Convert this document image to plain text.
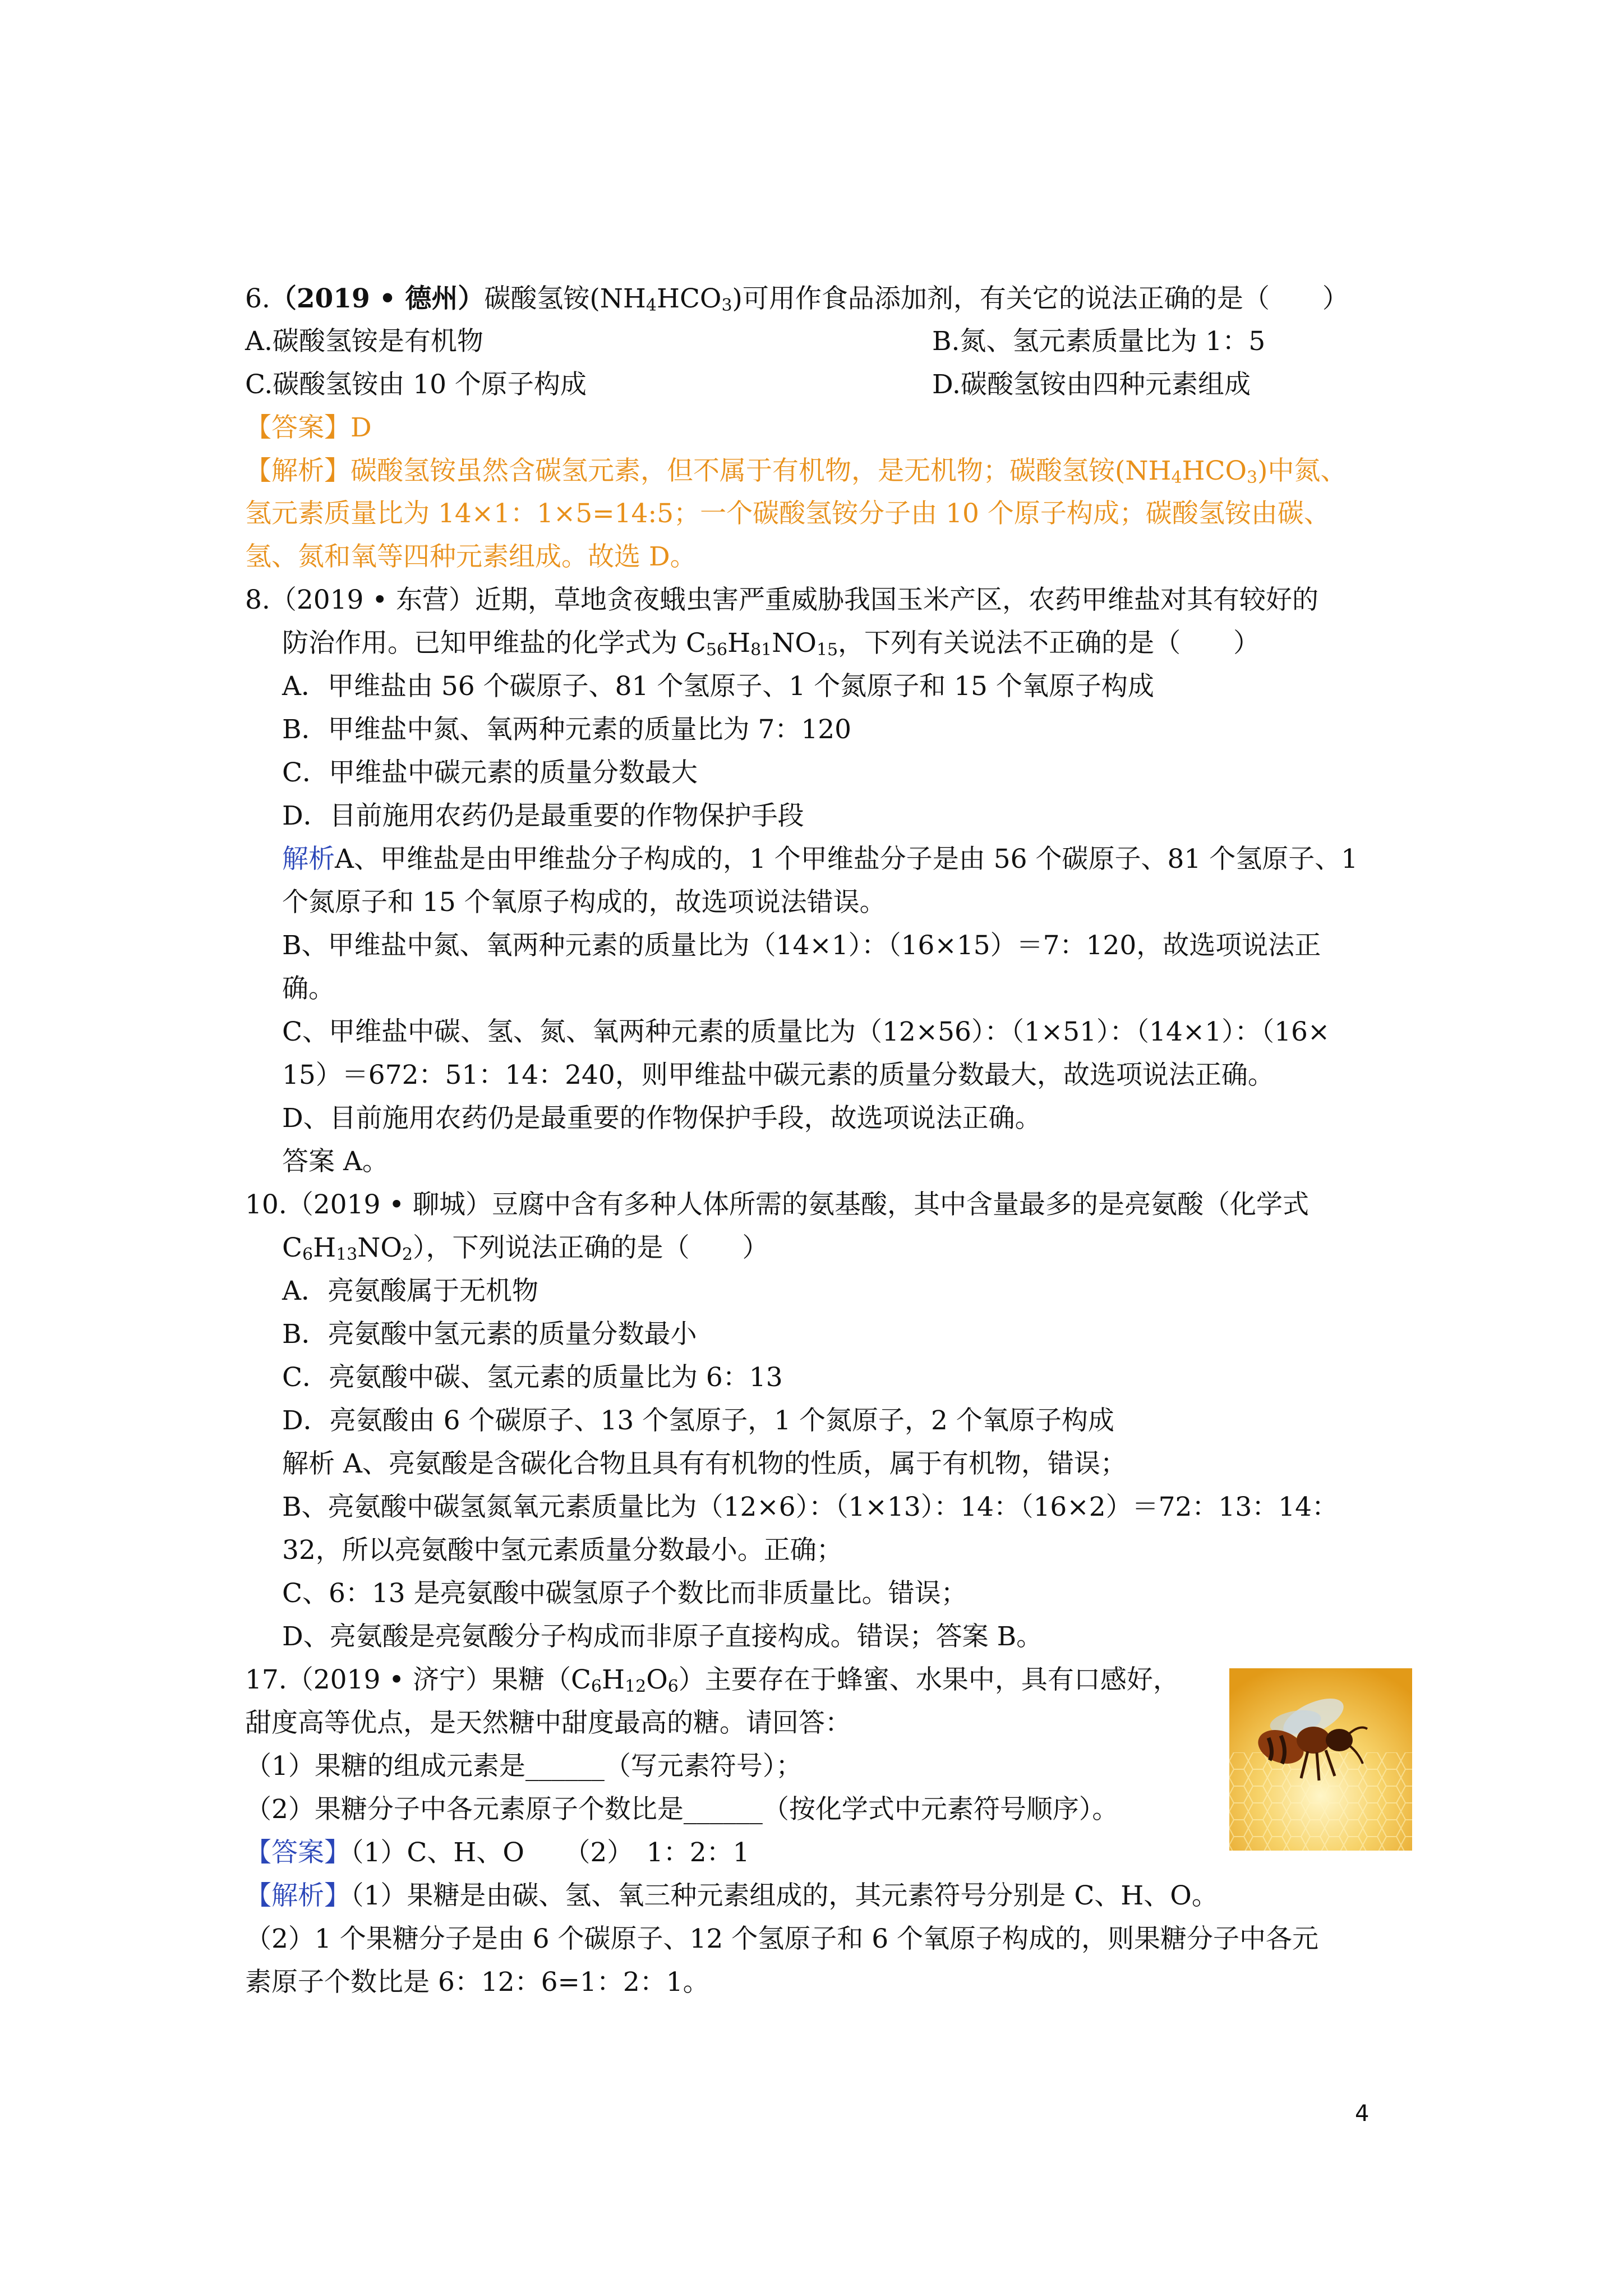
6.（2019 • 德州）碳酸氢铵$(NH_4HCO_3)$可用作食品添加剂，有关它的说法正确的是（　　）
A.碳酸氢铵是有机物	B.氮、氢元素质量比为 1：5
C.碳酸氢铵由 10 个原子构成	D.碳酸氢铵由四种元素组成
【答案】D
【解析】碳酸氢铵虽然含碳氢元素，但不属于有机物，是无机物；碳酸氢铵$(NH_4HCO_3)$中氮、
氢元素质量比为 14×1：1×5=14:5；一个碳酸氢铵分子由 10 个原子构成；碳酸氢铵由碳、
氢、氮和氧等四种元素组成。故选 D。
8.（2019 • 东营）近期，草地贪夜蛾虫害严重威胁我国玉米产区，农药甲维盐对其有较好的
防治作用。已知甲维盐的化学式为 $C_{56}H_{81}NO_{15}$，下列有关说法不正确的是（　　）
A．甲维盐由 56 个碳原子、81 个氢原子、1 个氮原子和 15 个氧原子构成
B．甲维盐中氮、氧两种元素的质量比为 7：120
C．甲维盐中碳元素的质量分数最大
D．目前施用农药仍是最重要的作物保护手段
解析A、甲维盐是由甲维盐分子构成的，1 个甲维盐分子是由 56 个碳原子、81 个氢原子、1
个氮原子和 15 个氧原子构成的，故选项说法错误。
B、甲维盐中氮、氧两种元素的质量比为（14×1）：（16×15）＝7：120，故选项说法正
确。
C、甲维盐中碳、氢、氮、氧两种元素的质量比为（12×56）：（1×51）：（14×1）：（16×
15）＝672：51：14：240，则甲维盐中碳元素的质量分数最大，故选项说法正确。
D、目前施用农药仍是最重要的作物保护手段，故选项说法正确。
答案 A。
10.（2019 • 聊城）豆腐中含有多种人体所需的氨基酸，其中含量最多的是亮氨酸（化学式
$C_6H_{13}NO_2$），下列说法正确的是（　　）
A．亮氨酸属于无机物
B．亮氨酸中氢元素的质量分数最小
C．亮氨酸中碳、氢元素的质量比为 6：13
D．亮氨酸由 6 个碳原子、13 个氢原子，1 个氮原子，2 个氧原子构成
解析 A、亮氨酸是含碳化合物且具有有机物的性质，属于有机物，错误；
B、亮氨酸中碳氢氮氧元素质量比为（12×6）：（1×13）：14：（16×2）＝72：13：14：
32，所以亮氨酸中氢元素质量分数最小。正确；
C、6：13 是亮氨酸中碳氢原子个数比而非质量比。错误；
D、亮氨酸是亮氨酸分子构成而非原子直接构成。错误；答案 B。
17.（2019 • 济宁）果糖$(C_6H_{12}O_6)$主要存在于蜂蜜、水果中，具有口感好，
甜度高等优点，是天然糖中甜度最高的糖。请回答：
（1）果糖的组成元素是______（写元素符号）；
（2）果糖分子中各元素原子个数比是______（按化学式中元素符号顺序）。
【答案】（1）C、H、O　　（2）　1：2：1
【解析】（1）果糖是由碳、氢、氧三种元素组成的，其元素符号分别是 C、H、O。
（2）1 个果糖分子是由 6 个碳原子、12 个氢原子和 6 个氧原子构成的，则果糖分子中各元
素原子个数比是 6：12：6=1：2：1。
4
